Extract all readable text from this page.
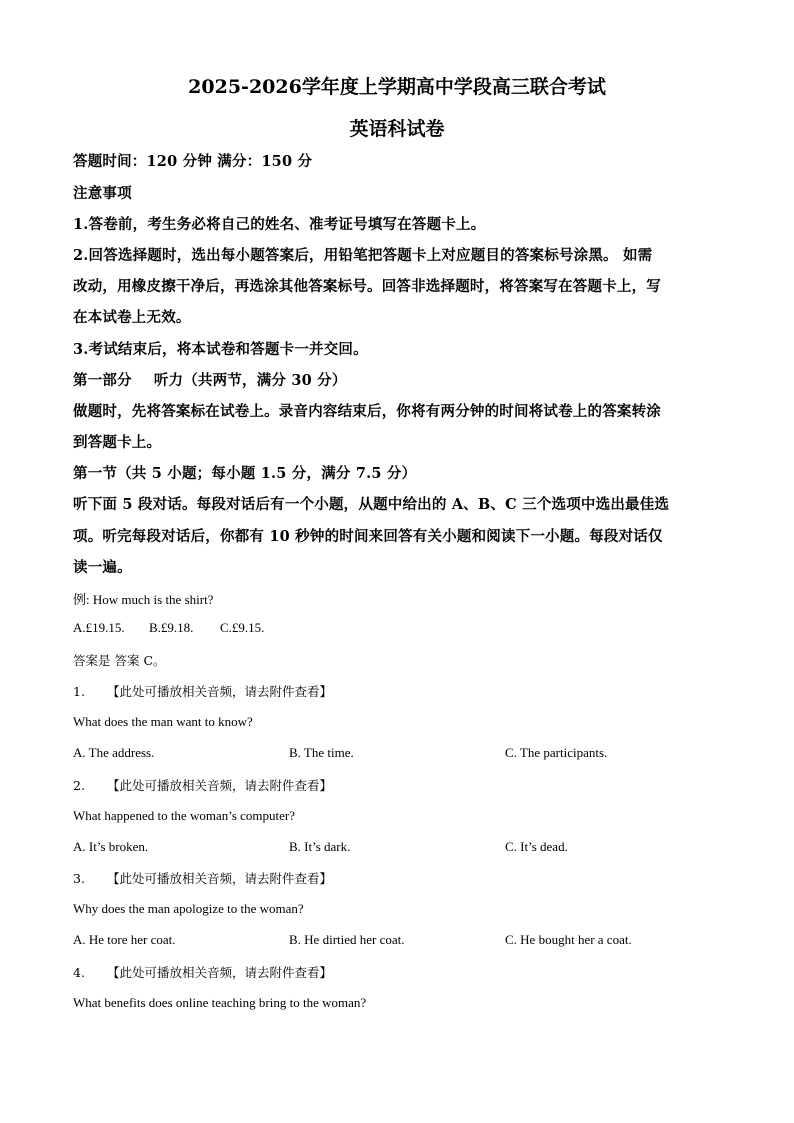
2025-2026学年度上学期高中学段高三联合考试
英语科试卷
答题时间：120 分钟 满分：150 分
注意事项
1.答卷前，考生务必将自己的姓名、准考证号填写在答题卡上。
2.回答选择题时，选出每小题答案后，用铅笔把答题卡上对应题目的答案标号涂黑。 如需
改动，用橡皮擦干净后，再选涂其他答案标号。回答非选择题时，将答案写在答题卡上，写
在本试卷上无效。
3.考试结束后，将本试卷和答题卡一并交回。
第一部分 听力（共两节，满分 30 分）
做题时，先将答案标在试卷上。录音内容结束后，你将有两分钟的时间将试卷上的答案转涂
到答题卡上。
第一节（共 5 小题；每小题 1.5 分，满分 7.5 分）
听下面 5 段对话。每段对话后有一个小题，从题中给出的 A、B、C 三个选项中选出最佳选
项。听完每段对话后，你都有 10 秒钟的时间来回答有关小题和阅读下一小题。每段对话仅
读一遍。
例: How much is the shirt?
A.£19.15. B.£9.18. C.£9.15.
答案是 答案 C。
1. 【此处可播放相关音频，请去附件查看】
What does the man want to know?
A. The address.	B. The time.	C. The participants.
2. 【此处可播放相关音频，请去附件查看】
What happened to the woman’s computer?
A. It’s broken.	B. It’s dark.	C. It’s dead.
3. 【此处可播放相关音频，请去附件查看】
Why does the man apologize to the woman?
A. He tore her coat.	B. He dirtied her coat.	C. He bought her a coat.
4. 【此处可播放相关音频，请去附件查看】
What benefits does online teaching bring to the woman?
